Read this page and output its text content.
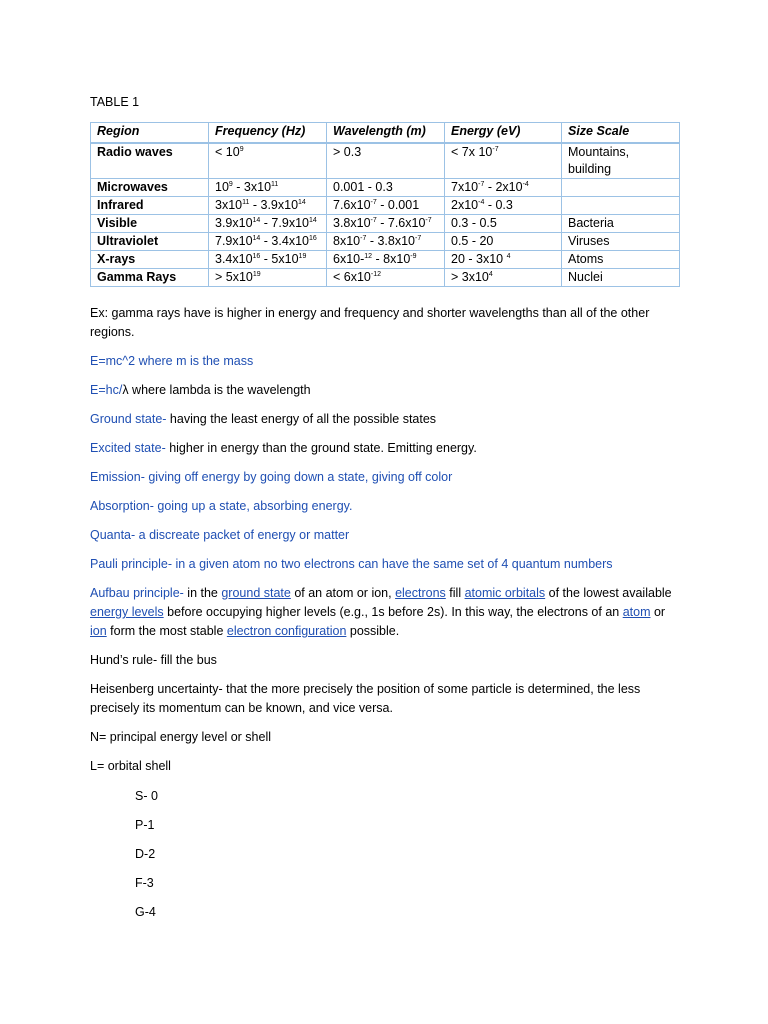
TABLE 1
Region	Frequency (Hz)	Wavelength (m)	Energy (eV)	Size Scale
Radio waves	< $10^9$	> 0.3	< 7x $10^{-7}$	Mountains, building
Microwaves	$10^9 - 3x10^{11}$	0.001 - 0.3	$7x10^{-7} - 2x10^{-4}$	
Infrared	$3x10^{11} - 3.9x10^{14}$	$7.6x10^{-7} - 0.001$	$2x10^{-4} - 0.3$	
Visible	$3.9x10^{14} - 7.9x10^{14}$	$3.8x10^{-7} - 7.6x10^{-7}$	0.3 - 0.5	Bacteria
Ultraviolet	$7.9x10^{14} - 3.4x10^{16}$	$8x10^{-7} - 3.8x10^{-7}$	0.5 - 20	Viruses
X-rays	$3.4x10^{16} - 5x10^{19}$	$6x10-^{12} - 8x10^{-9}$	20 - 3x10 $^4$	Atoms
Gamma Rays	> $5x10^{19}$	< $6x10^{-12}$	> $3x10^4$	Nuclei
Ex: gamma rays have is higher in energy and frequency and shorter wavelengths than all of the other regions.
E=mc^2 where m is the mass
E=hc/λ where lambda is the wavelength
Ground state- having the least energy of all the possible states
Excited state- higher in energy than the ground state. Emitting energy.
Emission- giving off energy by going down a state, giving off color
Absorption- going up a state, absorbing energy.
Quanta- a discreate packet of energy or matter
Pauli principle- in a given atom no two electrons can have the same set of 4 quantum numbers
Aufbau principle- in the ground state of an atom or ion, electrons fill atomic orbitals of the lowest available energy levels before occupying higher levels (e.g., 1s before 2s). In this way, the electrons of an atom or ion form the most stable electron configuration possible.
Hund’s rule- fill the bus
Heisenberg uncertainty- that the more precisely the position of some particle is determined, the less precisely its momentum can be known, and vice versa.
N= principal energy level or shell
L= orbital shell
S- 0
P-1
D-2
F-3
G-4
